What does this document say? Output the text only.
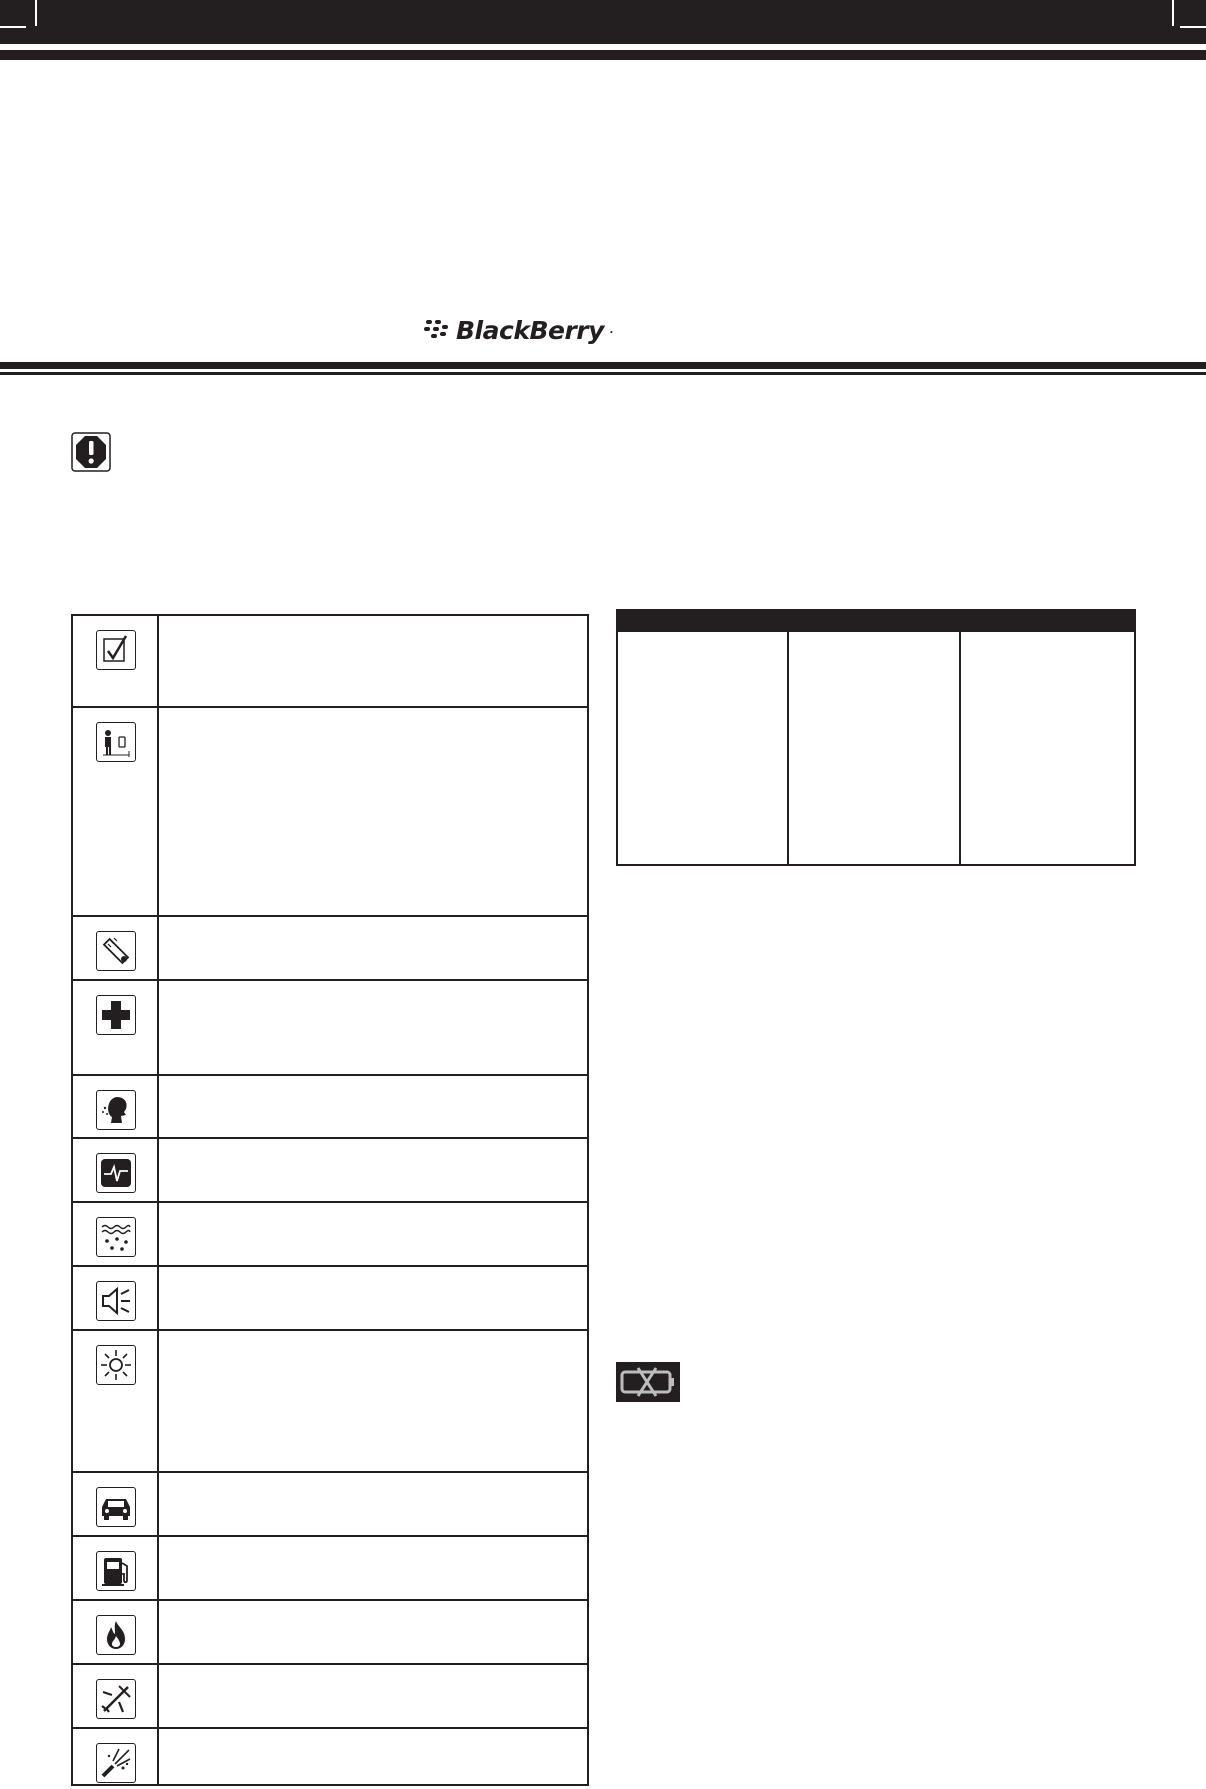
BlackBerry .
